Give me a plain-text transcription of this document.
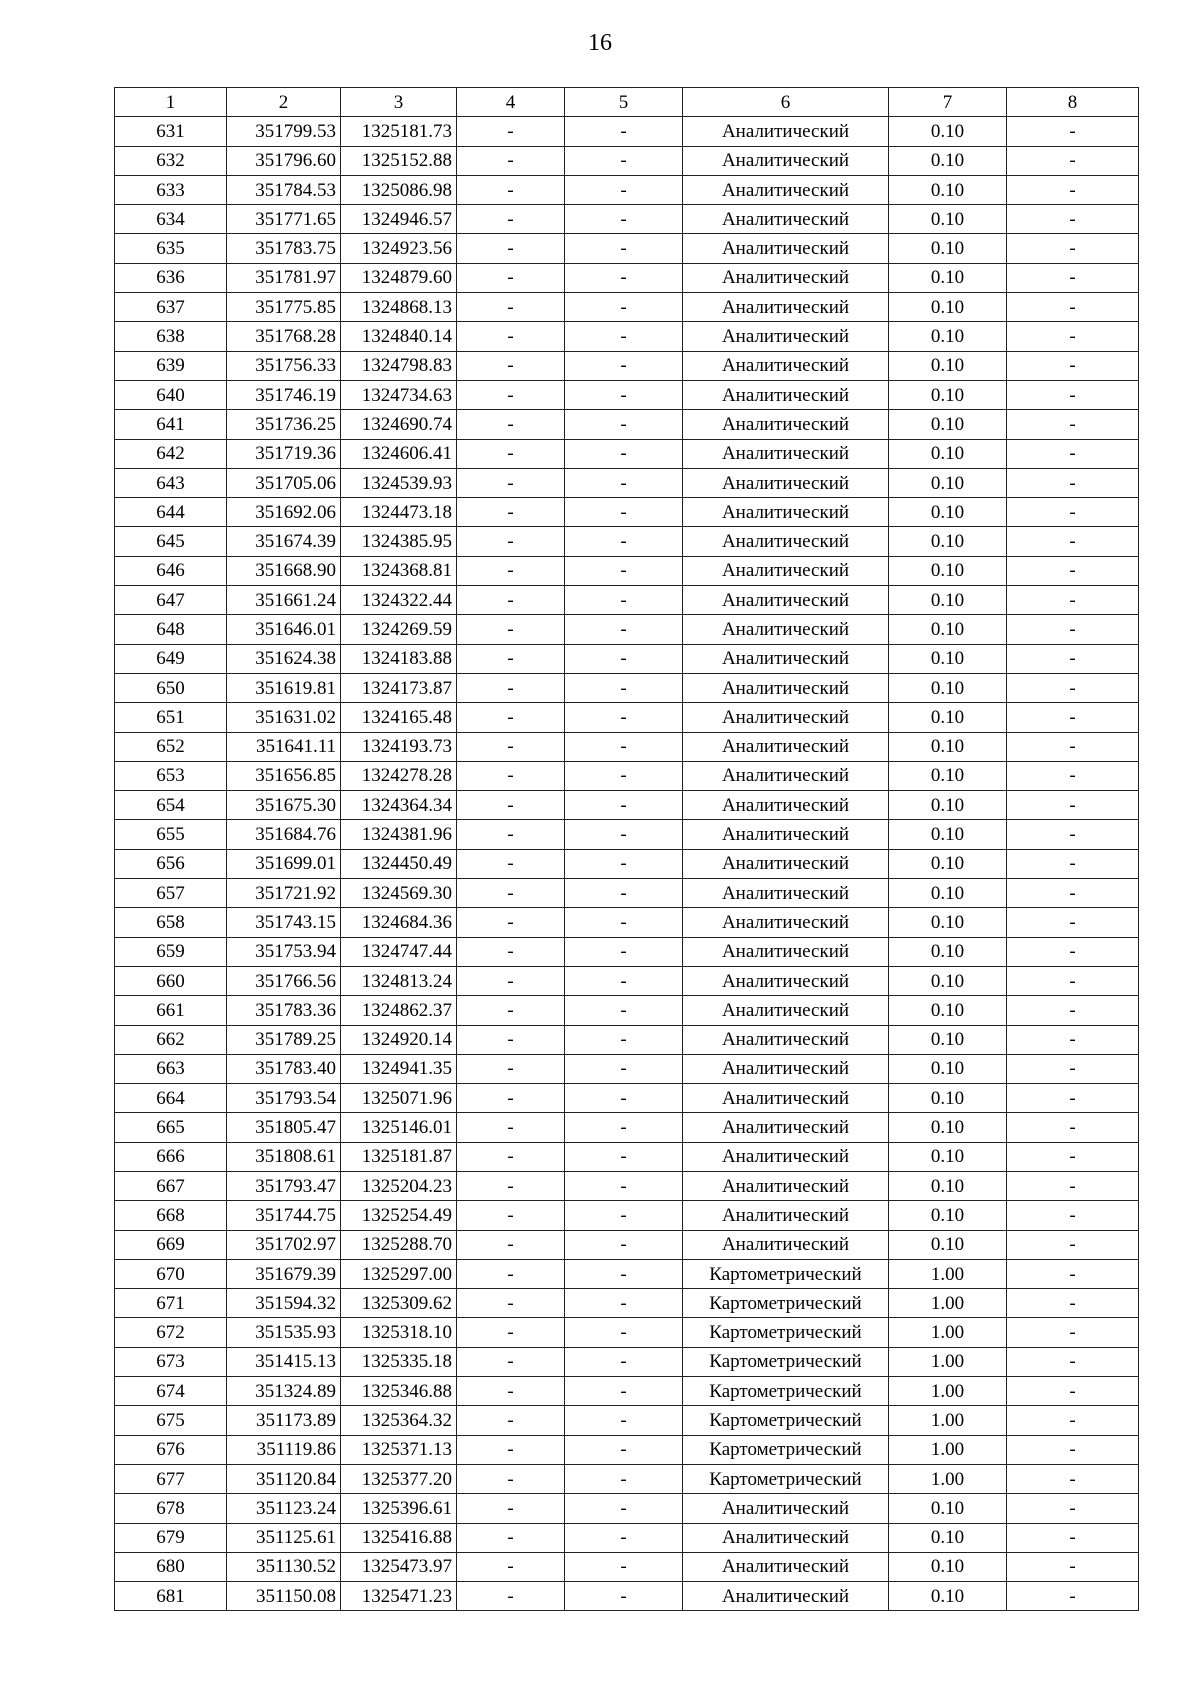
16
1	2	3	4	5	6	7	8
631	351799.53	1325181.73	-	-	Аналитический	0.10	-
632	351796.60	1325152.88	-	-	Аналитический	0.10	-
633	351784.53	1325086.98	-	-	Аналитический	0.10	-
634	351771.65	1324946.57	-	-	Аналитический	0.10	-
635	351783.75	1324923.56	-	-	Аналитический	0.10	-
636	351781.97	1324879.60	-	-	Аналитический	0.10	-
637	351775.85	1324868.13	-	-	Аналитический	0.10	-
638	351768.28	1324840.14	-	-	Аналитический	0.10	-
639	351756.33	1324798.83	-	-	Аналитический	0.10	-
640	351746.19	1324734.63	-	-	Аналитический	0.10	-
641	351736.25	1324690.74	-	-	Аналитический	0.10	-
642	351719.36	1324606.41	-	-	Аналитический	0.10	-
643	351705.06	1324539.93	-	-	Аналитический	0.10	-
644	351692.06	1324473.18	-	-	Аналитический	0.10	-
645	351674.39	1324385.95	-	-	Аналитический	0.10	-
646	351668.90	1324368.81	-	-	Аналитический	0.10	-
647	351661.24	1324322.44	-	-	Аналитический	0.10	-
648	351646.01	1324269.59	-	-	Аналитический	0.10	-
649	351624.38	1324183.88	-	-	Аналитический	0.10	-
650	351619.81	1324173.87	-	-	Аналитический	0.10	-
651	351631.02	1324165.48	-	-	Аналитический	0.10	-
652	351641.11	1324193.73	-	-	Аналитический	0.10	-
653	351656.85	1324278.28	-	-	Аналитический	0.10	-
654	351675.30	1324364.34	-	-	Аналитический	0.10	-
655	351684.76	1324381.96	-	-	Аналитический	0.10	-
656	351699.01	1324450.49	-	-	Аналитический	0.10	-
657	351721.92	1324569.30	-	-	Аналитический	0.10	-
658	351743.15	1324684.36	-	-	Аналитический	0.10	-
659	351753.94	1324747.44	-	-	Аналитический	0.10	-
660	351766.56	1324813.24	-	-	Аналитический	0.10	-
661	351783.36	1324862.37	-	-	Аналитический	0.10	-
662	351789.25	1324920.14	-	-	Аналитический	0.10	-
663	351783.40	1324941.35	-	-	Аналитический	0.10	-
664	351793.54	1325071.96	-	-	Аналитический	0.10	-
665	351805.47	1325146.01	-	-	Аналитический	0.10	-
666	351808.61	1325181.87	-	-	Аналитический	0.10	-
667	351793.47	1325204.23	-	-	Аналитический	0.10	-
668	351744.75	1325254.49	-	-	Аналитический	0.10	-
669	351702.97	1325288.70	-	-	Аналитический	0.10	-
670	351679.39	1325297.00	-	-	Картометрический	1.00	-
671	351594.32	1325309.62	-	-	Картометрический	1.00	-
672	351535.93	1325318.10	-	-	Картометрический	1.00	-
673	351415.13	1325335.18	-	-	Картометрический	1.00	-
674	351324.89	1325346.88	-	-	Картометрический	1.00	-
675	351173.89	1325364.32	-	-	Картометрический	1.00	-
676	351119.86	1325371.13	-	-	Картометрический	1.00	-
677	351120.84	1325377.20	-	-	Картометрический	1.00	-
678	351123.24	1325396.61	-	-	Аналитический	0.10	-
679	351125.61	1325416.88	-	-	Аналитический	0.10	-
680	351130.52	1325473.97	-	-	Аналитический	0.10	-
681	351150.08	1325471.23	-	-	Аналитический	0.10	-
